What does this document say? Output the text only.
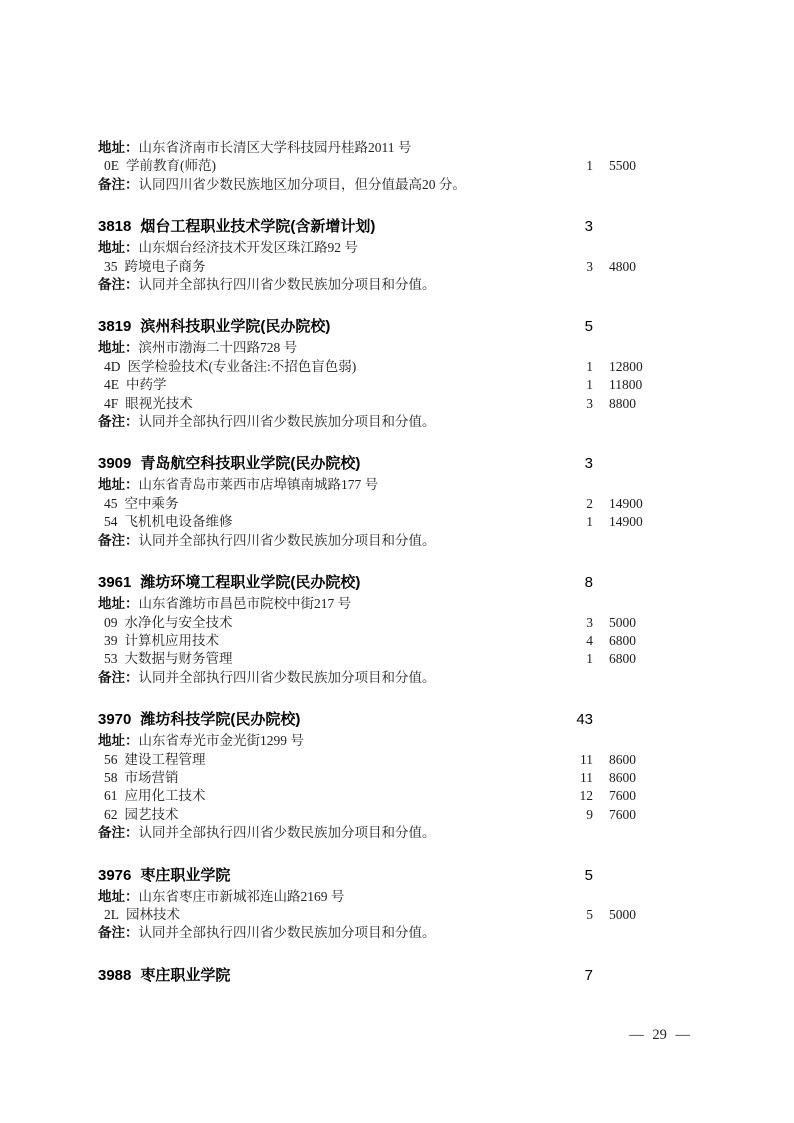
地址： 山东省济南市长清区大学科技园丹桂路2011 号
0E 学前教育(师范)	1	5500
备注： 认同四川省少数民族地区加分项目，但分值最高20 分。
3818 烟台工程职业技术学院(含新增计划)	3
地址： 山东烟台经济技术开发区珠江路92 号
35 跨境电子商务	3	4800
备注： 认同并全部执行四川省少数民族加分项目和分值。
3819 滨州科技职业学院(民办院校)	5
地址： 滨州市渤海二十四路728 号
4D 医学检验技术(专业备注:不招色盲色弱)	1	12800
4E 中药学	1	11800
4F 眼视光技术	3	8800
备注： 认同并全部执行四川省少数民族加分项目和分值。
3909 青岛航空科技职业学院(民办院校)	3
地址： 山东省青岛市莱西市店埠镇南城路177 号
45 空中乘务	2	14900
54 飞机机电设备维修	1	14900
备注： 认同并全部执行四川省少数民族加分项目和分值。
3961 潍坊环境工程职业学院(民办院校)	8
地址： 山东省潍坊市昌邑市院校中街217 号
09 水净化与安全技术	3	5000
39 计算机应用技术	4	6800
53 大数据与财务管理	1	6800
备注： 认同并全部执行四川省少数民族加分项目和分值。
3970 潍坊科技学院(民办院校)	43
地址： 山东省寿光市金光街1299 号
56 建设工程管理	11	8600
58 市场营销	11	8600
61 应用化工技术	12	7600
62 园艺技术	9	7600
备注： 认同并全部执行四川省少数民族加分项目和分值。
3976 枣庄职业学院	5
地址： 山东省枣庄市新城祁连山路2169 号
2L 园林技术	5	5000
备注： 认同并全部执行四川省少数民族加分项目和分值。
3988 枣庄职业学院	7
— 29 —
